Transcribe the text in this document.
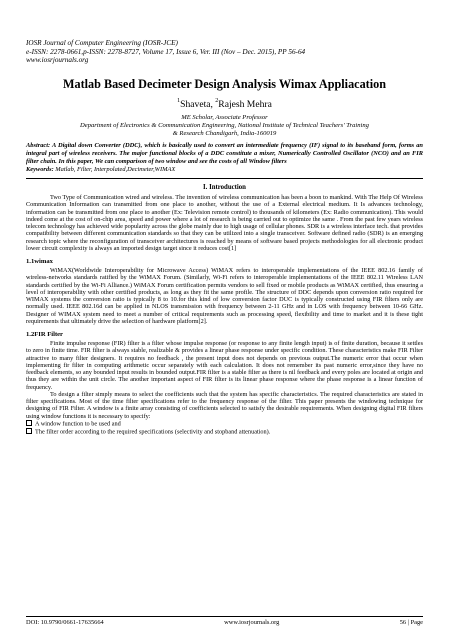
IOSR Journal of Computer Engineering (IOSR-JCE)
e-ISSN: 2278-0661,p-ISSN: 2278-8727, Volume 17, Issue 6, Ver. III (Nov – Dec. 2015), PP 56-64
www.iosrjournals.org
Matlab Based Decimeter Design Analysis Wimax Appliacation
$^1$Shaveta, $^2$Rajesh Mehra
ME Scholar, Associate Professor
Department of Electronics & Communication Engineering, National Institute of Technical Teachers' Training
& Research Chandigarh, India-160019
Abstract: A Digital down Converter (DDC), which is basically used to convert an intermediate frequency (IF) signal to its baseband form, forms an integral part of wireless receivers. The major functional blocks of a DDC constitute a mixer, Numerically Controlled Oscillator (NCO) and an FIR filter chain. In this paper, We can comparison of two window and see the costs of all Window filters
Keywords: Matlab, Filter, Interpolated,Decimeter,WIMAX
I. Introduction

Two Type of Communication wired and wireless. The invention of wireless communication has been a boon to mankind. With The Help Of Wireless Communication Information can transmitted from one place to another, without the use of a External electrical medium. It Is advances technology, information can be transmitted from one place to another (Ex: Television remote control) to thousands of kilometers (Ex: Radio communication). This would indeed come at the cost of on-chip area, speed and power where a lot of research is being carried out to optimize the same . From the past few years wireless telecom technology has achieved wide popularity across the globe mainly due to high usage of cellular phones. SDR is a wireless interface tech. that provides compatibility between different communication standards so that they can be utilized into a single transceiver. Software defined radio (SDR) is an emerging research topic where the reconfiguration of transceiver architectures is reached by means of software based projects methodologies for all electronic product lower circuit complexity is always an imported design target since it reduces cost[1]

1.1wimax

WiMAX(Worldwide Interoperability for Microwave Access) WiMAX refers to interoperable implementations of the IEEE 802.16 family of wireless-networks standards ratified by the WiMAX Forum. (Similarly, Wi-Fi refers to interoperable implementations of the IEEE 802.11 Wireless LAN standards certified by the Wi-Fi Alliance.) WiMAX Forum certification permits vendors to sell fixed or mobile products as WiMAX certified, thus ensuring a level of interoperability with other certified products, as long as they fit the same profile. The structure of DDC depends upon conversion ratio required for WIMAX systems the conversion ratio is typically 8 to 10.for this kind of low conversion factor DUC is typically constructed using FIR filters only are normally used. IEEE 802.16d can be applied in NLOS transmission with frequency between 2-11 GHz and in LOS with frequency between 10-66 GHz. Designer of WIMAX system need to meet a number of critical requirements such as processing speed, flexibility and time to market and it is these tight requirements that ultimately drive the selection of hardware platform[2].

1.2FIR Filter

Finite impulse response (FIR) filter is a filter whose impulse response (or response to any finite length input) is of finite duration, because it settles to zero in finite time. FIR filter is always stable, realizable & provides a linear phase response under specific condition. These characteristics make FIR Filter attractive to many filter designers. It requires no feedback , the present input does not depends on previous output.The numeric error that occur when implementing fir filter in computing arithmetic occur separately with each calculation. It does not remember its past numeric error,since they have no feedback elements, so any bounded input results in bounded output.FIR filter is a stable filter as there is nil feedback and every poles are located at origin and thus they are within the unit circle. The another important aspect of FIR filter is its linear phase response where the phase response is a linear function of frequency.

To design a filter simply means to select the coefficients such that the system has specific characteristics. The required characteristics are stated in filter specifications. Most of the time filter specifications refer to the frequency response of the filter. This paper presents the windowing technique for designing of FIR Filter. A window is a finite array consisting of coefficients selected to satisfy the desirable requirements. When designing digital FIR filters using window functions it is necessary to specify:

A window function to be used and

The filter order according to the required specifications (selectivity and stopband attenuation).

DOI: 10.9790/0661-17635664	www.iosrjournals.org	56 | Page
